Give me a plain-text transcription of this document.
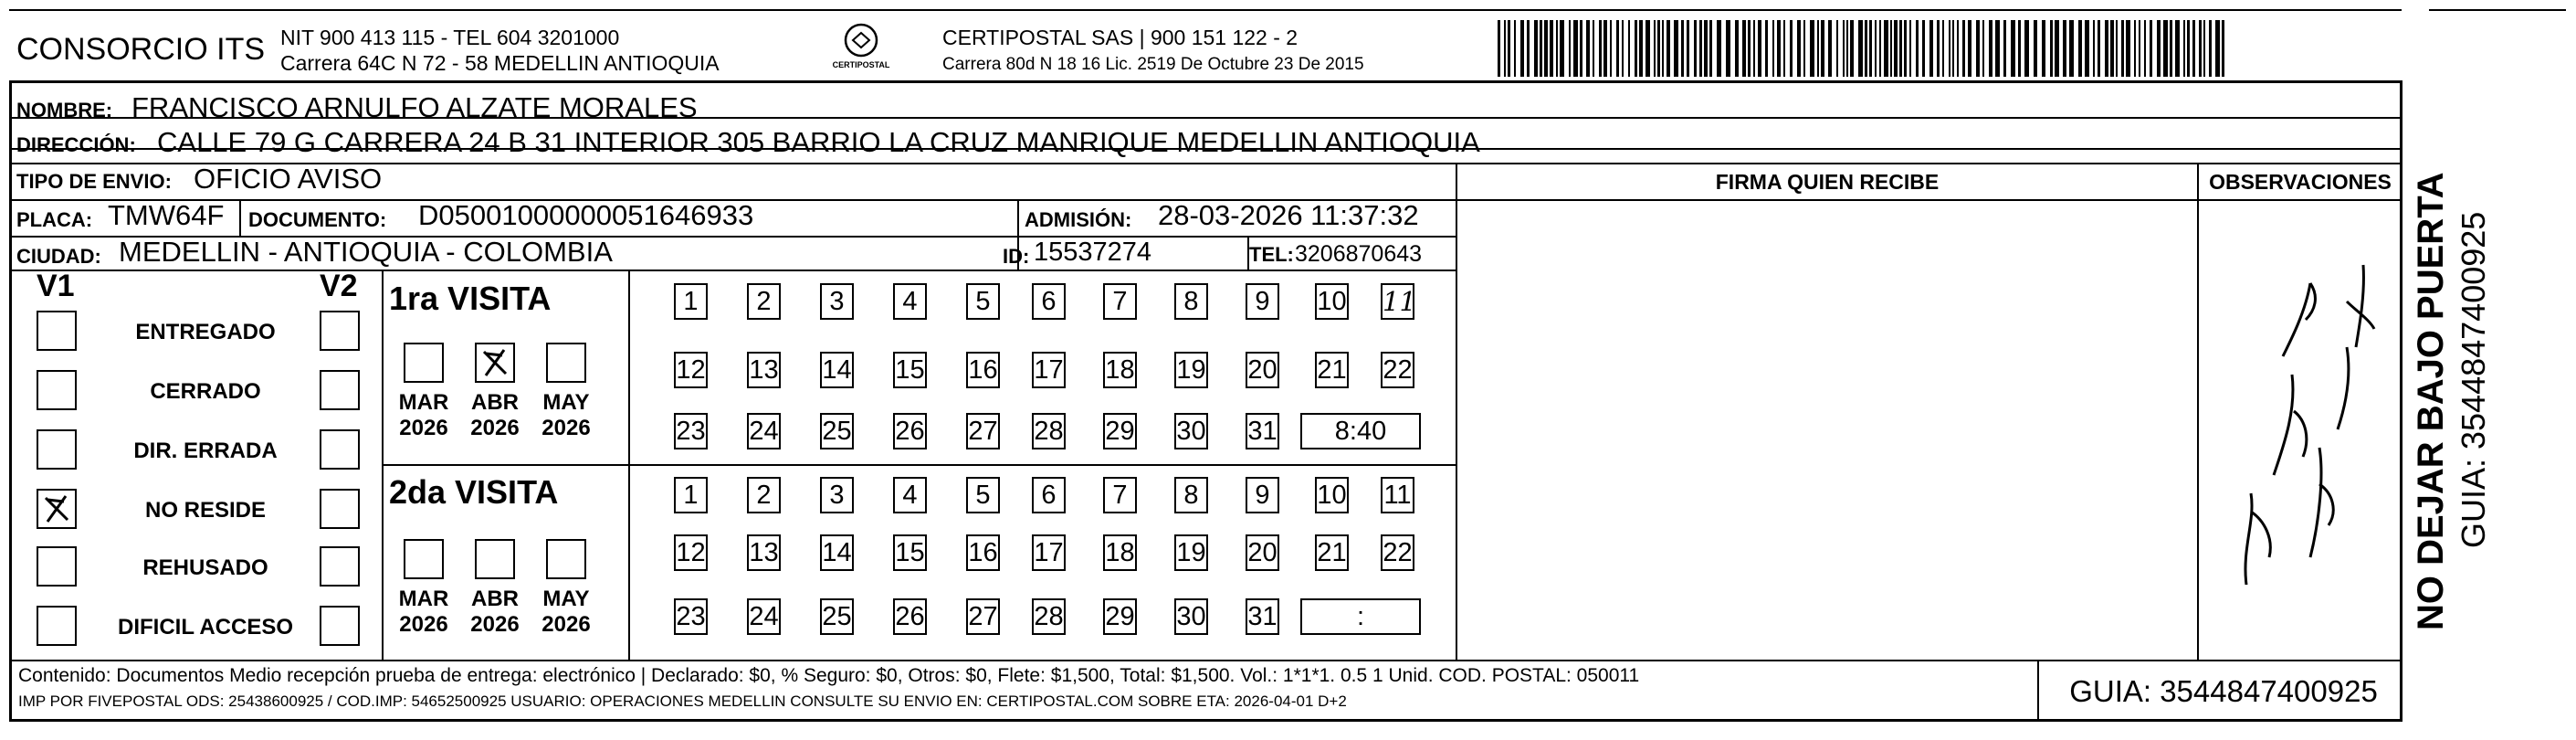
CONSORCIO ITS NIT 900 413 115 - TEL 604 3201000
Carrera 64C N 72 - 58 MEDELLIN ANTIOQUIA	CERTIPOSTAL
CERTIPOSTAL SAS | 900 151 122 - 2
Carrera 80d N 18 16 Lic. 2519 De Octubre 23 De 2015
NOMBRE: FRANCISCO ARNULFO ALZATE MORALES
DIRECCIÓN: CALLE 79 G CARRERA 24 B 31 INTERIOR 305 BARRIO LA CRUZ MANRIQUE MEDELLIN ANTIOQUIA
TIPO DE ENVIO: OFICIO AVISO	FIRMA QUIEN RECIBE	OBSERVACIONES
PLACA: TMW64F DOCUMENTO: D05001000000051646933	ADMISIÓN: 28-03-2026 11:37:32
CIUDAD: MEDELLIN - ANTIOQUIA - COLOMBIA	ID: 15537274	TEL: 3206870643
V1	V2
ENTREGADO
CERRADO
DIR. ERRADA
NO RESIDE
REHUSADO
DIFICIL ACCESO
1ra VISITA
MAR
2026
ABR
2026
MAY
2026
1	2	3	4	5	6	7	8	9	10 11
12 13 14 15 16 17 18 19 20 21 22
23 24 25 26 27 28 29 30 31	8:40
2da VISITA
MAR
2026
ABR
2026
MAY
2026
1	2	3	4	5	6	7	8	9	10 11
12 13 14 15 16 17 18 19 20 21 22
23 24 25 26 27 28 29 30 31	:
Contenido: Documentos Medio recepción prueba de entrega: electrónico | Declarado: $0, % Seguro: $0, Otros: $0, Flete: $1,500, Total: $1,500. Vol.: 1*1*1. 0.5 1 Unid. COD. POSTAL: 050011
IMP POR FIVEPOSTAL ODS: 25438600925 / COD.IMP: 54652500925 USUARIO: OPERACIONES MEDELLIN CONSULTE SU ENVIO EN: CERTIPOSTAL.COM SOBRE ETA: 2026-04-01 D+2	GUIA: 3544847400925
NO DEJAR BAJO PUERTA GUIA: 3544847400925
